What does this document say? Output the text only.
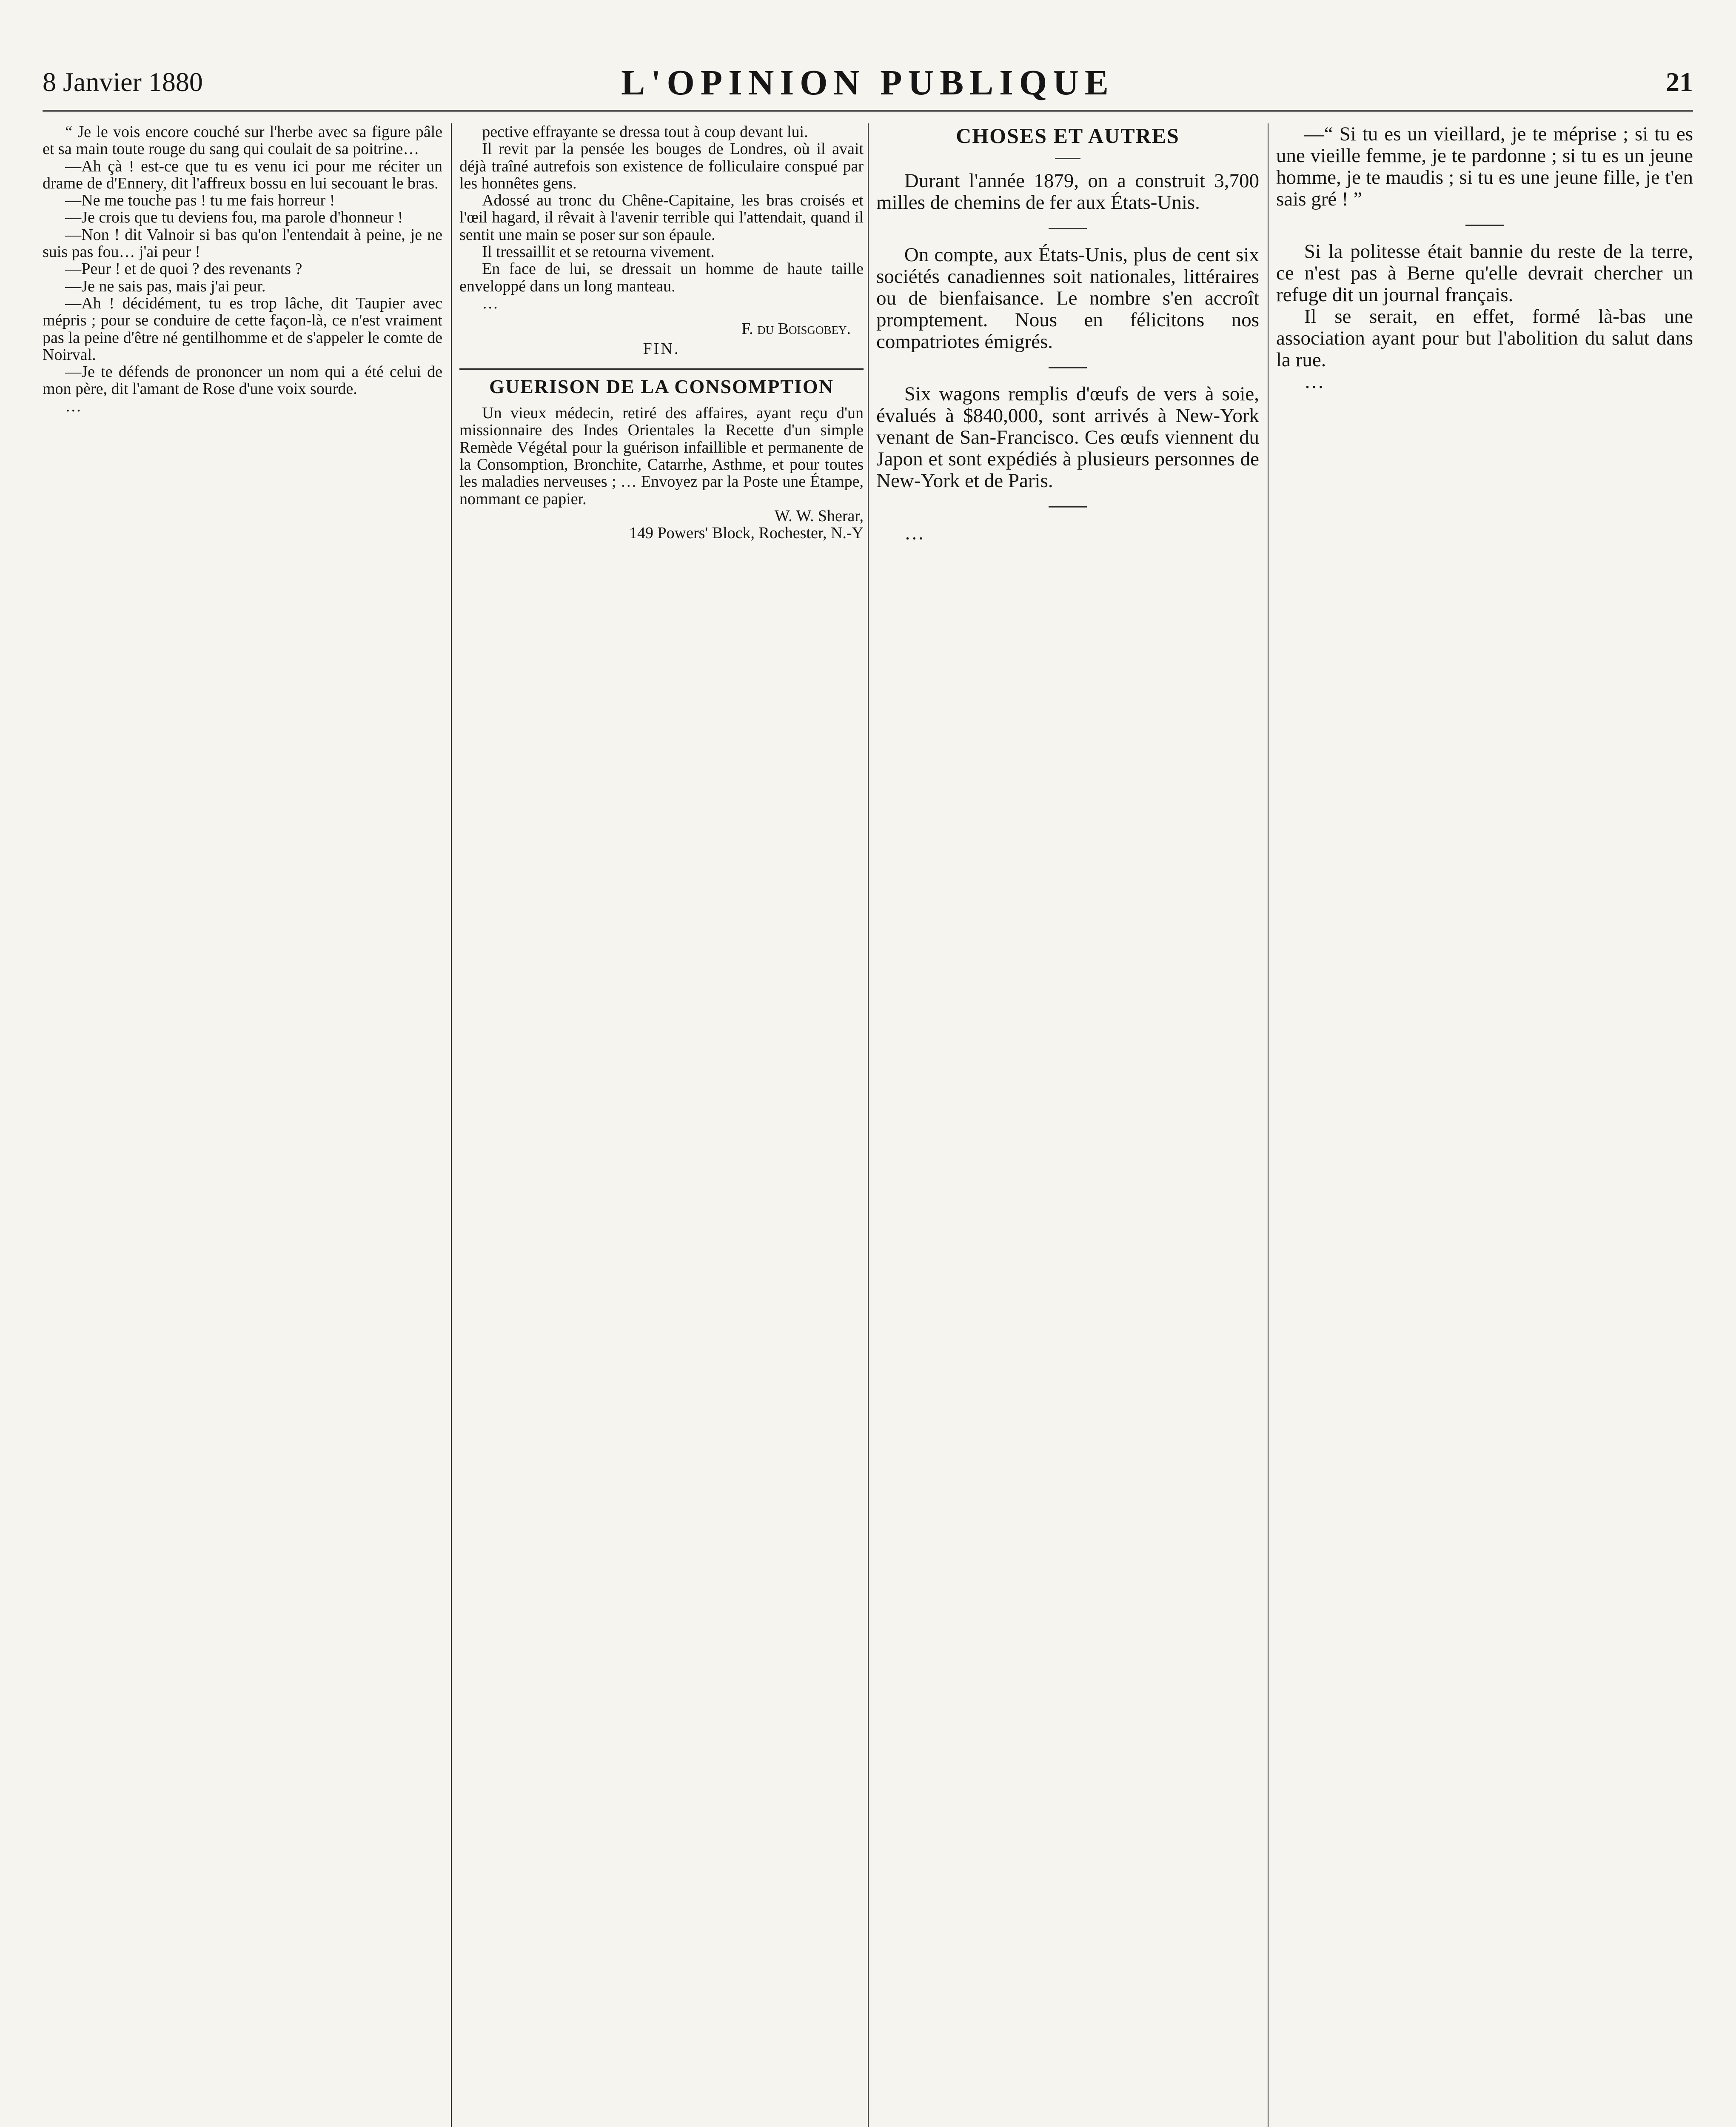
8 Janvier 1880	L'OPINION PUBLIQUE	21

“ Je le vois encore couché sur l'herbe avec sa figure pâle et sa main toute rouge du sang qui coulait de sa poitrine…

—Ah çà ! est-ce que tu es venu ici pour me réciter un drame de d'Ennery, dit l'affreux bossu en lui secouant le bras.

—Ne me touche pas ! tu me fais horreur !

—Je crois que tu deviens fou, ma parole d'honneur !

—Non ! dit Valnoir si bas qu'on l'entendait à peine, je ne suis pas fou… j'ai peur !

—Peur ! et de quoi ? des revenants ?

—Je ne sais pas, mais j'ai peur.

—Ah ! décidément, tu es trop lâche, dit Taupier avec mépris ; pour se conduire de cette façon-là, ce n'est vraiment pas la peine d'être né gentilhomme et de s'appeler le comte de Noirval.

—Je te défends de prononcer un nom qui a été celui de mon père, dit l'amant de Rose d'une voix sourde.

…

pective effrayante se dressa tout à coup devant lui.

Il revit par la pensée les bouges de Londres, où il avait déjà traîné autrefois son existence de folliculaire conspué par les honnêtes gens.

Adossé au tronc du Chêne-Capitaine, les bras croisés et l'œil hagard, il rêvait à l'avenir terrible qui l'attendait, quand il sentit une main se poser sur son épaule.

Il tressaillit et se retourna vivement.

En face de lui, se dressait un homme de haute taille enveloppé dans un long manteau.

…

F. du Boisgobey.
FIN.
GUERISON DE LA CONSOMPTION

Un vieux médecin, retiré des affaires, ayant reçu d'un missionnaire des Indes Orientales la Recette d'un simple Remède Végétal pour la guérison infaillible et permanente de la Consomption, Bronchite, Catarrhe, Asthme, et pour toutes les maladies nerveuses ; … Envoyez par la Poste une Étampe, nommant ce papier.

W. W. Sherar,

149 Powers' Block, Rochester, N.-Y

CHOSES ET AUTRES

Durant l'année 1879, on a construit 3,700 milles de chemins de fer aux États-Unis.

On compte, aux États-Unis, plus de cent six sociétés canadiennes soit nationales, littéraires ou de bienfaisance. Le nombre s'en accroît promptement. Nous en félicitons nos compatriotes émigrés.

Six wagons remplis d'œufs de vers à soie, évalués à $840,000, sont arrivés à New-York venant de San-Francisco. Ces œufs viennent du Japon et sont expédiés à plusieurs personnes de New-York et de Paris.

…

—“ Si tu es un vieillard, je te méprise ; si tu es une vieille femme, je te pardonne ; si tu es un jeune homme, je te maudis ; si tu es une jeune fille, je t'en sais gré ! ”

Si la politesse était bannie du reste de la terre, ce n'est pas à Berne qu'elle devrait chercher un refuge dit un journal français.

Il se serait, en effet, formé là-bas une association ayant pour but l'abolition du salut dans la rue.

…
